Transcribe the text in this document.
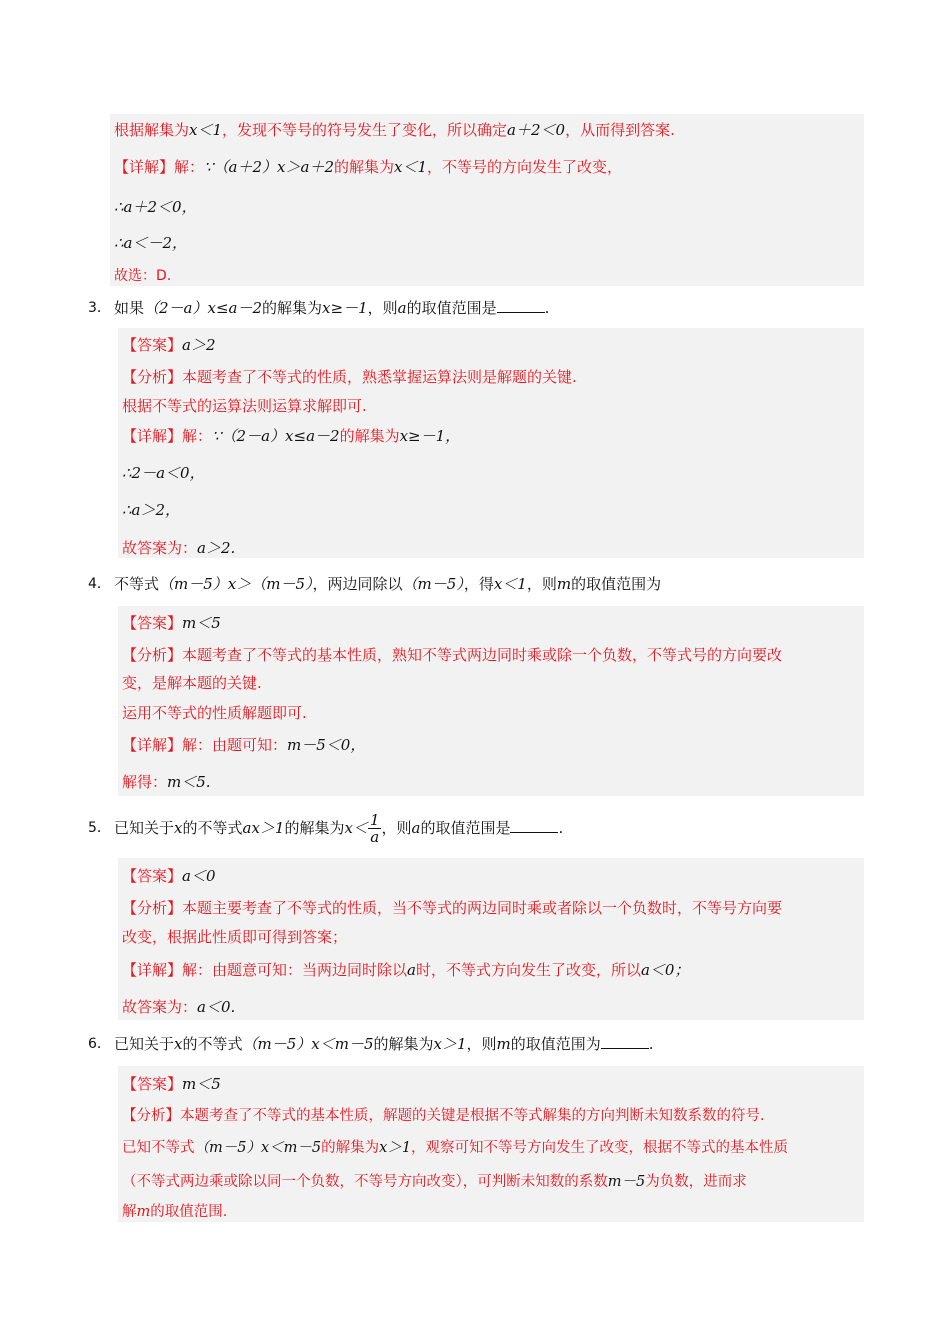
根据解集为x＜1，发现不等号的符号发生了变化，所以确定a＋2＜0，从而得到答案.
【详解】解：∵（a＋2）x＞a＋2的解集为x＜1，不等号的方向发生了改变，
∴a＋2＜0，
∴a＜－2，
故选：D.
3． 如果（2－a）x≤a－2的解集为x≥－1，则a的取值范围是	.
【答案】a＞2
【分析】本题考查了不等式的性质，熟悉掌握运算法则是解题的关键.
根据不等式的运算法则运算求解即可.
【详解】解：∵（2－a）x≤a－2的解集为x≥－1，
∴2－a＜0，
∴a＞2，
故答案为：a＞2.
4． 不等式（m－5）x＞（m－5），两边同除以（m－5），得x＜1，则m的取值范围为
【答案】m＜5
【分析】本题考查了不等式的基本性质，熟知不等式两边同时乘或除一个负数，不等式号的方向要改
变，是解本题的关键.
运用不等式的性质解题即可.
【详解】解：由题可知：m－5＜0，
解得：m＜5.
5． 已知关于x的不等式ax＞1的解集为$x< \frac{1}{a}$ ，则a的取值范围是	.
【答案】a＜0
【分析】本题主要考查了不等式的性质，当不等式的两边同时乘或者除以一个负数时，不等号方向要
改变，根据此性质即可得到答案；
【详解】解：由题意可知：当两边同时除以a时，不等式方向发生了改变，所以a＜0；
故答案为：a＜0.
6． 已知关于x的不等式（m－5）x＜m－5的解集为x＞1，则m的取值范围为	.
【答案】m＜5
【分析】本题考查了不等式的基本性质，解题的关键是根据不等式解集的方向判断未知数系数的符号.
已知不等式（m－5）x＜m－5的解集为x＞1，观察可知不等号方向发生了改变，根据不等式的基本性质
（不等式两边乘或除以同一个负数，不等号方向改变），可判断未知数的系数m－5为负数，进而求
解m的取值范围.
